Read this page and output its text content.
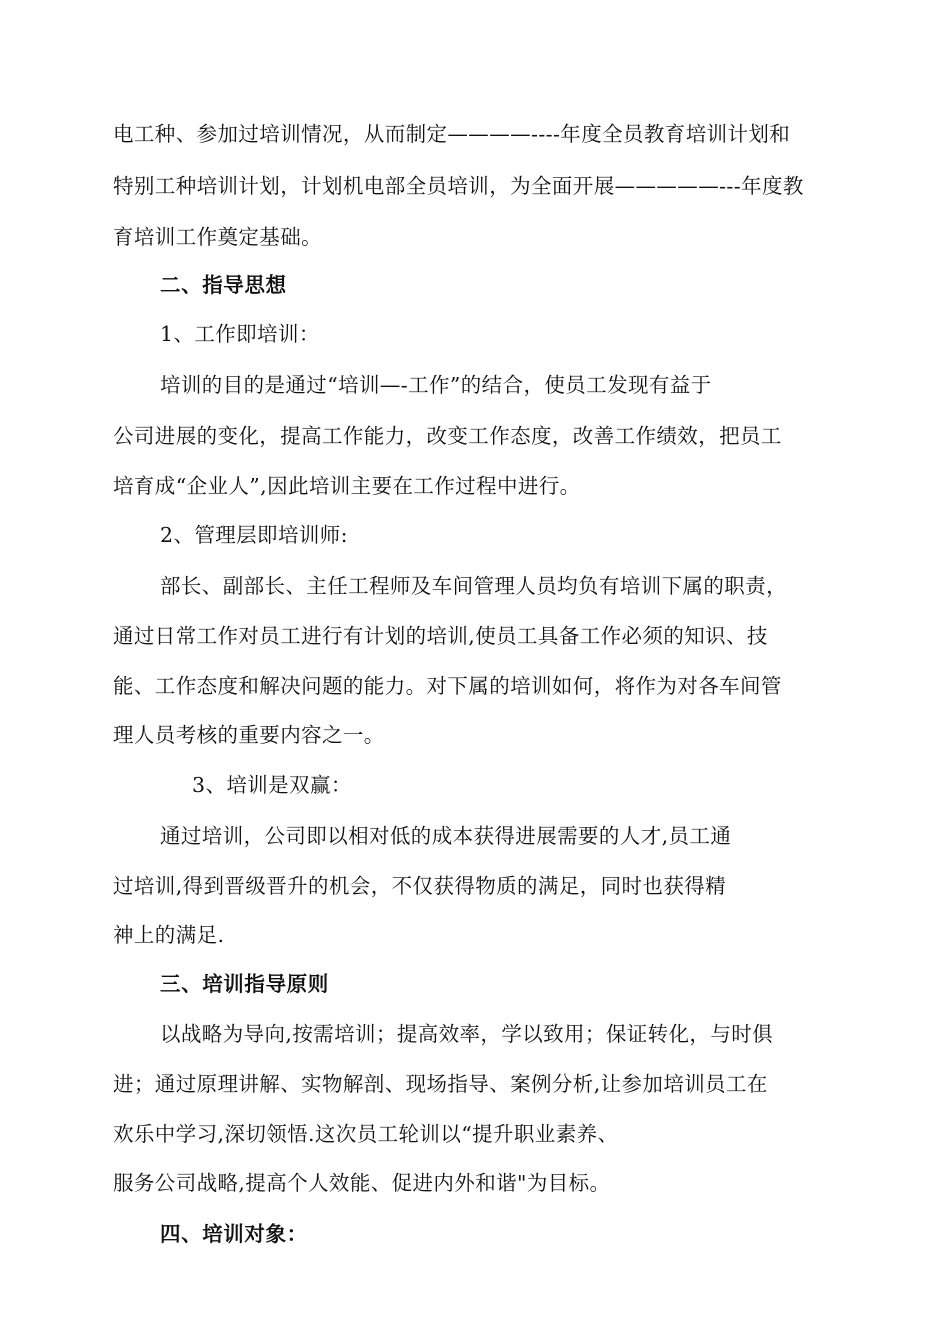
电工种、参加过培训情况，从而制定————----年度全员教育培训计划和
特别工种培训计划，计划机电部全员培训，为全面开展—————---年度教
育培训工作奠定基础。
二、指导思想
1、工作即培训：
培训的目的是通过“培训—-工作”的结合，使员工发现有益于
公司进展的变化，提高工作能力，改变工作态度，改善工作绩效，把员工
培育成“企业人”,因此培训主要在工作过程中进行。
2、管理层即培训师:
部长、副部长、主任工程师及车间管理人员均负有培训下属的职责，
通过日常工作对员工进行有计划的培训,使员工具备工作必须的知识、技
能、工作态度和解决问题的能力。对下属的培训如何，将作为对各车间管
理人员考核的重要内容之一。
3、培训是双赢：
通过培训，公司即以相对低的成本获得进展需要的人才,员工通
过培训,得到晋级晋升的机会，不仅获得物质的满足，同时也获得精
神上的满足.
三、培训指导原则
以战略为导向,按需培训；提高效率，学以致用；保证转化，与时俱
进；通过原理讲解、实物解剖、现场指导、案例分析,让参加培训员工在
欢乐中学习,深切领悟.这次员工轮训以“提升职业素养、
服务公司战略,提高个人效能、促进内外和谐"为目标。
四、培训对象：
